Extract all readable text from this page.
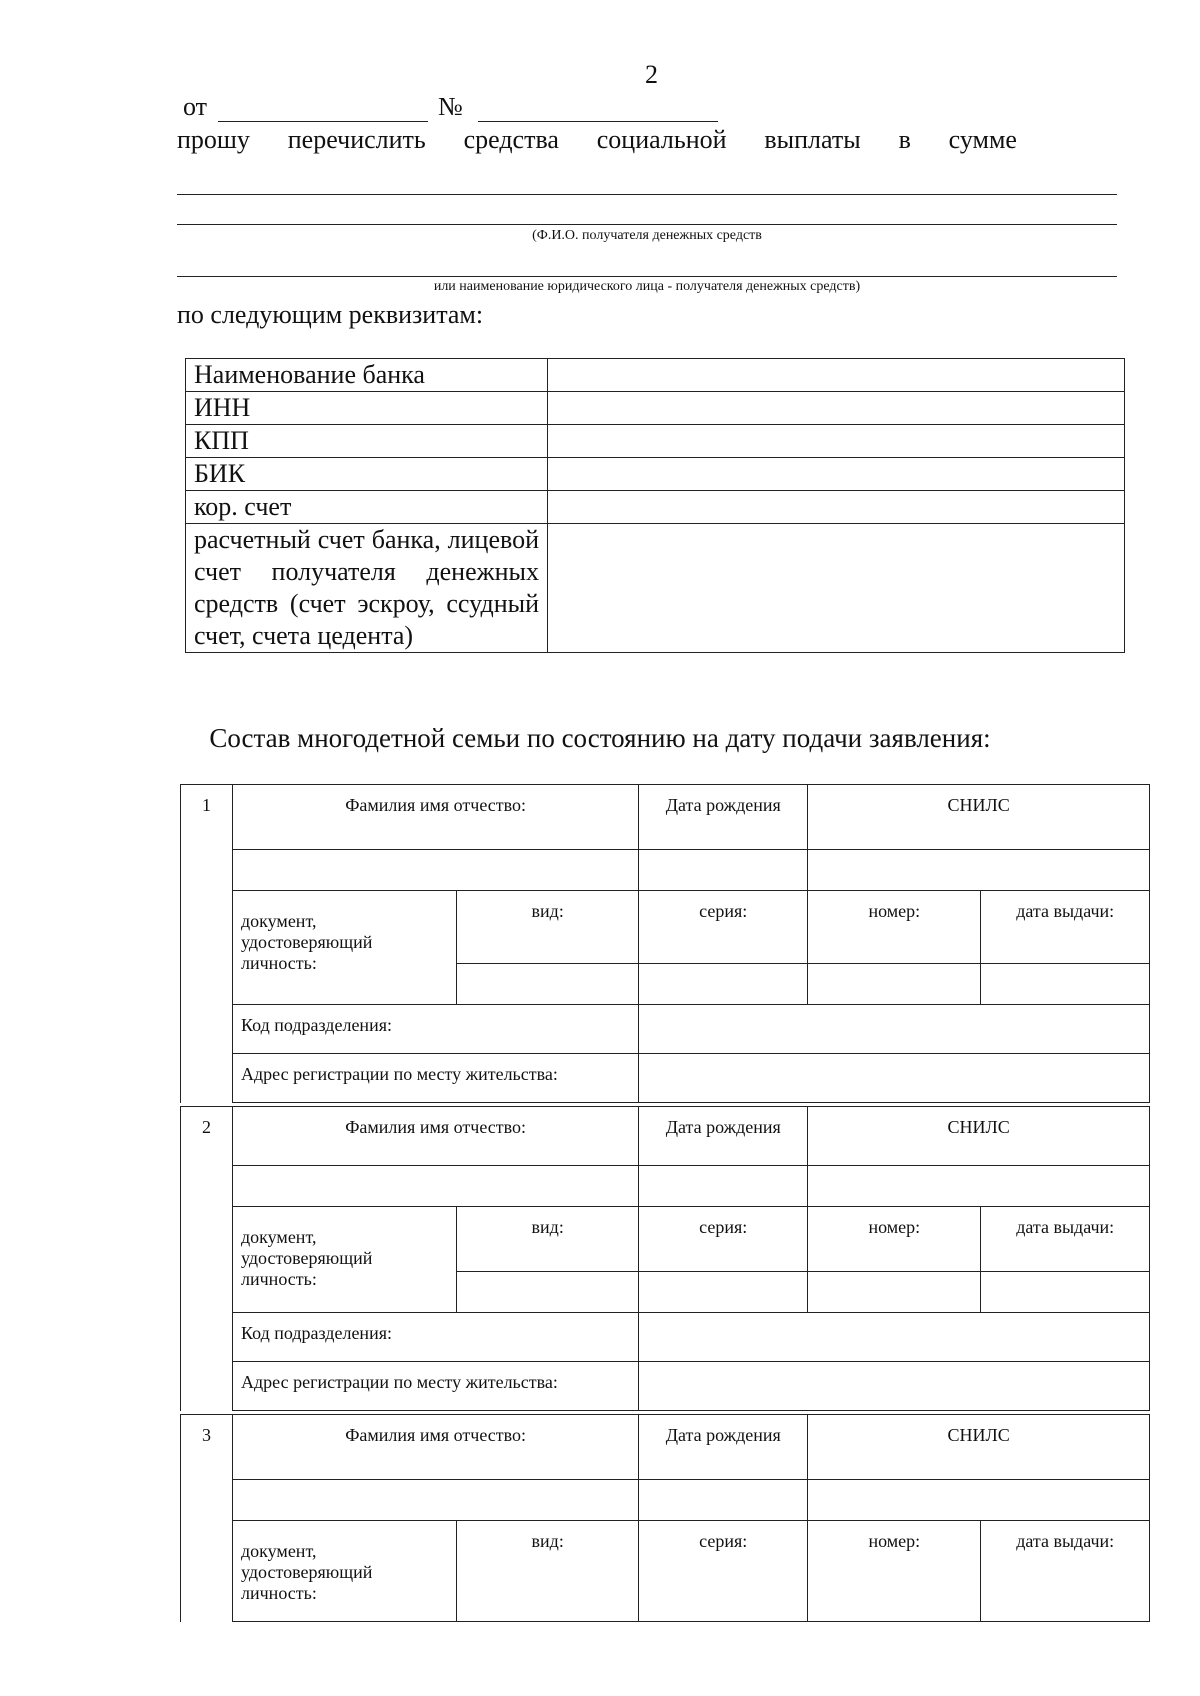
2
от	№
прошу перечислить средства социальной выплаты в сумме
(Ф.И.О. получателя денежных средств
или наименование юридического лица - получателя денежных средств)
по следующим реквизитам:
Наименование банка	
ИНН	
КПП	
БИК	
кор. счет	
расчетный счет банка, лицевой счет получателя денежных средств (счет эскроу, ссудный счет, счета цедента)	
Состав многодетной семьи по состоянию на дату подачи заявления:
1	Фамилия имя отчество:		Дата рождения	СНИЛС	

	документ, удостоверяющий личность:	вид:	серия:	номер:	дата выдачи:

	Код подразделения:				
	Адрес регистрации по месту жительства:				
2	Фамилия имя отчество:		Дата рождения	СНИЛС	

	документ, удостоверяющий личность:	вид:	серия:	номер:	дата выдачи:

	Код подразделения:				
	Адрес регистрации по месту жительства:				
3	Фамилия имя отчество:		Дата рождения	СНИЛС	

	документ, удостоверяющий личность:	вид:	серия:	номер:	дата выдачи:
